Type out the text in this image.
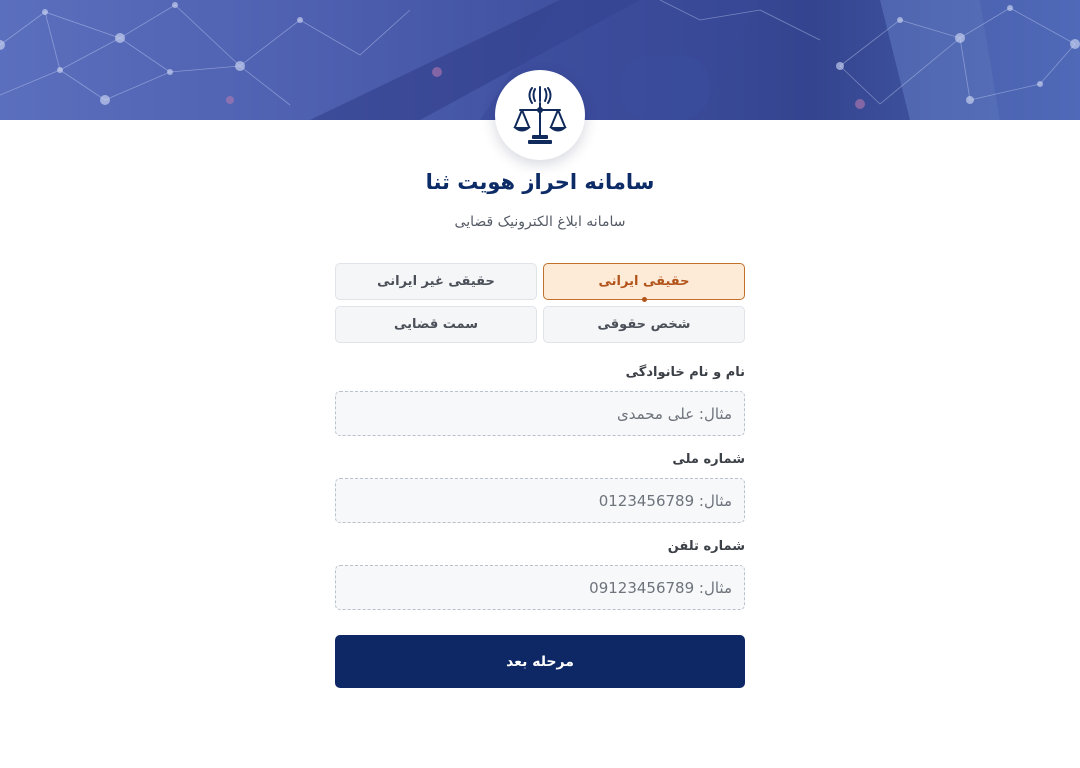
سامانه احراز هویت ثنا

سامانه ابلاغ الکترونیک قضایی

حقیقی ایرانی
حقیقی غیر ایرانی
شخص حقوقی
سمت قضایی
نام و نام خانوادگی
مثال: علی محمدی
شماره ملی
مثال: 0123456789
شماره تلفن
مثال: 09123456789
مرحله بعد
